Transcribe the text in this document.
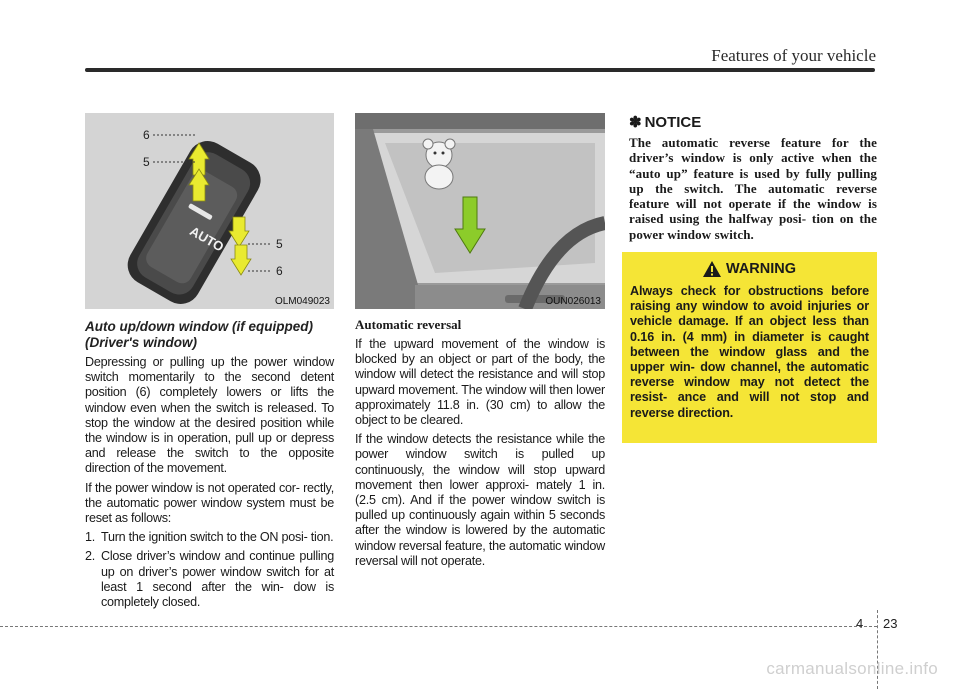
Features of your vehicle
AUTO
6
5
5
6
OLM049023
Auto up/down window (if equipped)
(Driver's window)

Depressing or pulling up the power window switch momentarily to the second detent position (6) completely lowers or lifts the window even when the switch is released. To stop the window at the desired position while the window is in operation, pull up or depress and release the switch to the opposite direction of the movement.

If the power window is not operated cor- rectly, the automatic power window system must be reset as follows:

1. Turn the ignition switch to the ON posi- tion.
2. Close driver’s window and continue pulling up on driver’s power window switch for at least 1 second after the win- dow is completely closed.
OUN026013
Automatic reversal

If the upward movement of the window is blocked by an object or part of the body, the window will detect the resistance and will stop upward movement. The window will then lower approximately 11.8 in. (30 cm) to allow the object to be cleared.

If the window detects the resistance while the power window switch is pulled up continuously, the window will stop upward movement then lower approxi- mately 1 in. (2.5 cm). And if the power window switch is pulled up continuously again within 5 seconds after the window is lowered by the automatic window reversal feature, the automatic window reversal will not operate.

✽ NOTICE

The automatic reverse feature for the driver’s window is only active when the “auto up” feature is used by fully pulling up the switch. The automatic reverse feature will not operate if the window is raised using the halfway posi- tion on the power window switch.

WARNING

Always check for obstructions before raising any window to avoid injuries or vehicle damage. If an object less than 0.16 in. (4 mm) in diameter is caught between the window glass and the upper win- dow channel, the automatic reverse window may not detect the resist- ance and will not stop and reverse direction.

4 23
carmanualsonline.info
